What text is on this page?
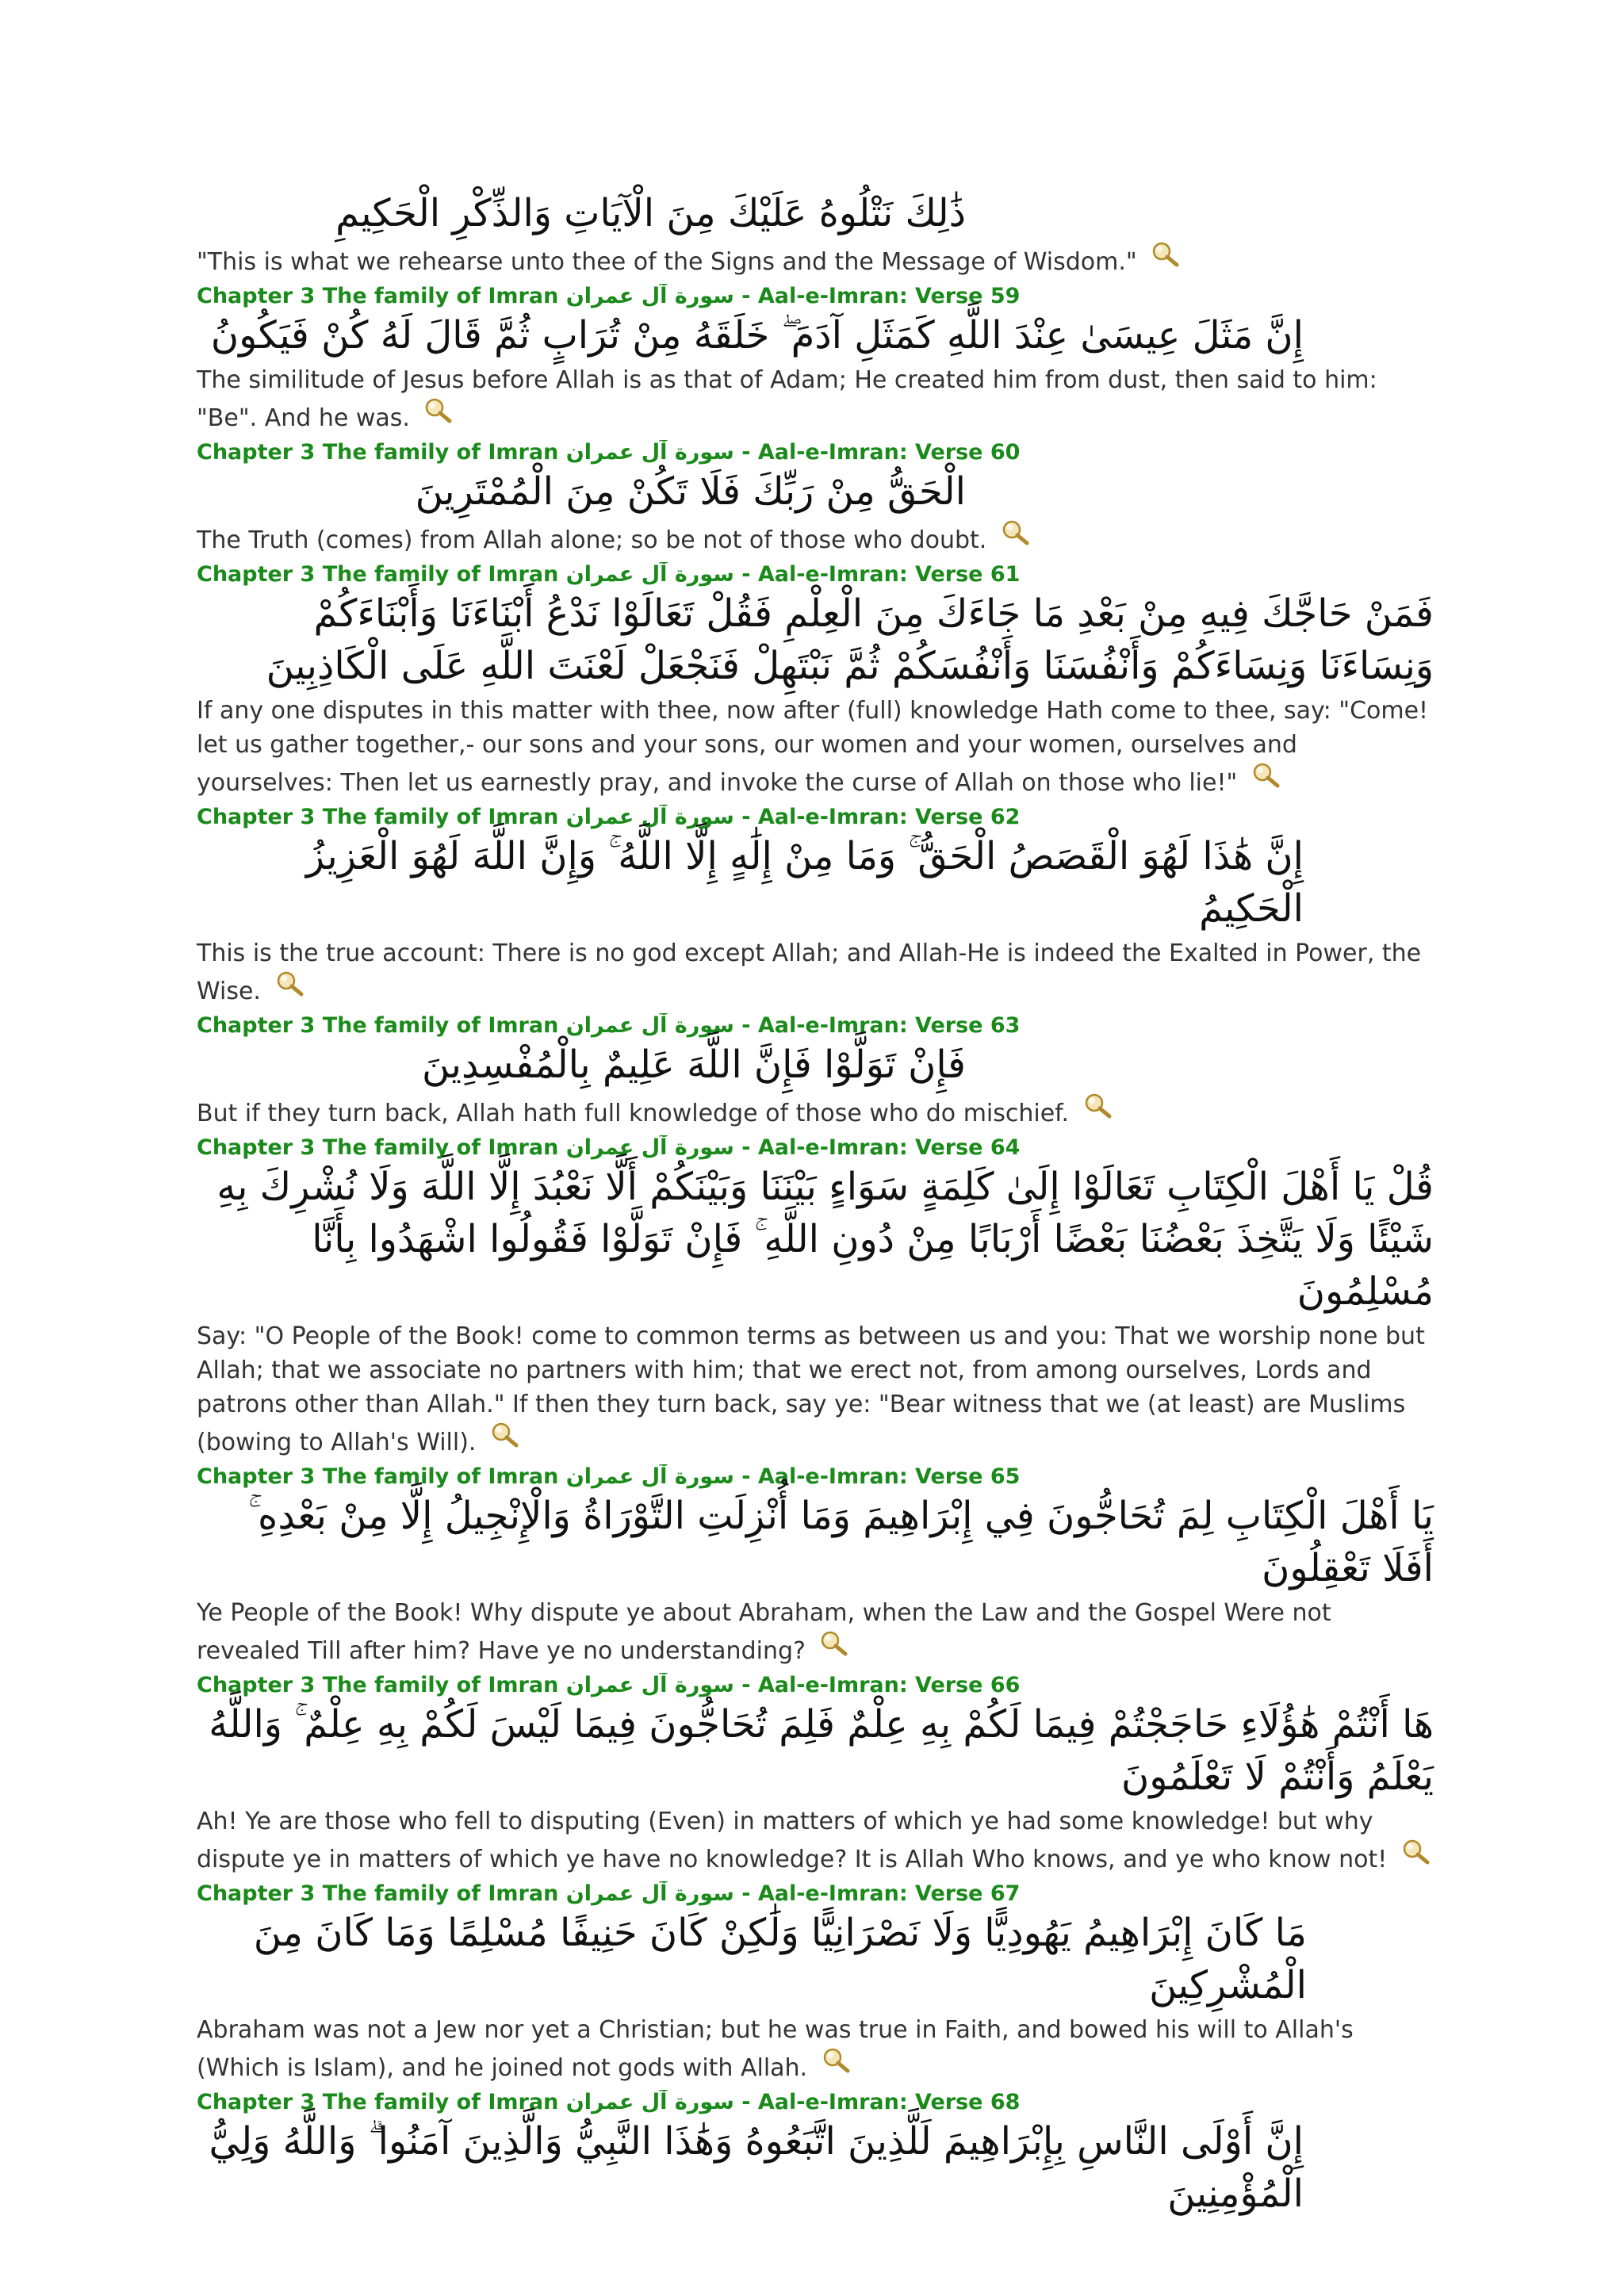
ذَٰلِكَ نَتْلُوهُ عَلَيْكَ مِنَ الْآيَاتِ وَالذِّكْرِ الْحَكِيمِ
"This is what we rehearse unto thee of the Signs and the Message of Wisdom."
Chapter 3 The family of Imran سورة آل عمران - Aal-e-Imran: Verse 59
إِنَّ مَثَلَ عِيسَىٰ عِنْدَ اللَّهِ كَمَثَلِ آدَمَ ۖ خَلَقَهُ مِنْ تُرَابٍ ثُمَّ قَالَ لَهُ كُنْ فَيَكُونُ
The similitude of Jesus before Allah is as that of Adam; He created him from dust, then said to him: "Be". And he was.
Chapter 3 The family of Imran سورة آل عمران - Aal-e-Imran: Verse 60
الْحَقُّ مِنْ رَبِّكَ فَلَا تَكُنْ مِنَ الْمُمْتَرِينَ
The Truth (comes) from Allah alone; so be not of those who doubt.
Chapter 3 The family of Imran سورة آل عمران - Aal-e-Imran: Verse 61
فَمَنْ حَاجَّكَ فِيهِ مِنْ بَعْدِ مَا جَاءَكَ مِنَ الْعِلْمِ فَقُلْ تَعَالَوْا نَدْعُ أَبْنَاءَنَا وَأَبْنَاءَكُمْ وَنِسَاءَنَا وَنِسَاءَكُمْ وَأَنْفُسَنَا وَأَنْفُسَكُمْ ثُمَّ نَبْتَهِلْ فَنَجْعَلْ لَعْنَتَ اللَّهِ عَلَى الْكَاذِبِينَ
If any one disputes in this matter with thee, now after (full) knowledge Hath come to thee, say: "Come! let us gather together,- our sons and your sons, our women and your women, ourselves and yourselves: Then let us earnestly pray, and invoke the curse of Allah on those who lie!"
Chapter 3 The family of Imran سورة آل عمران - Aal-e-Imran: Verse 62
إِنَّ هَٰذَا لَهُوَ الْقَصَصُ الْحَقُّ ۚ وَمَا مِنْ إِلَٰهٍ إِلَّا اللَّهُ ۚ وَإِنَّ اللَّهَ لَهُوَ الْعَزِيزُ الْحَكِيمُ
This is the true account: There is no god except Allah; and Allah-He is indeed the Exalted in Power, the Wise.
Chapter 3 The family of Imran سورة آل عمران - Aal-e-Imran: Verse 63
فَإِنْ تَوَلَّوْا فَإِنَّ اللَّهَ عَلِيمٌ بِالْمُفْسِدِينَ
But if they turn back, Allah hath full knowledge of those who do mischief.
Chapter 3 The family of Imran سورة آل عمران - Aal-e-Imran: Verse 64
قُلْ يَا أَهْلَ الْكِتَابِ تَعَالَوْا إِلَىٰ كَلِمَةٍ سَوَاءٍ بَيْنَنَا وَبَيْنَكُمْ أَلَّا نَعْبُدَ إِلَّا اللَّهَ وَلَا نُشْرِكَ بِهِ شَيْئًا وَلَا يَتَّخِذَ بَعْضُنَا بَعْضًا أَرْبَابًا مِنْ دُونِ اللَّهِ ۚ فَإِنْ تَوَلَّوْا فَقُولُوا اشْهَدُوا بِأَنَّا مُسْلِمُونَ
Say: "O People of the Book! come to common terms as between us and you: That we worship none but Allah; that we associate no partners with him; that we erect not, from among ourselves, Lords and patrons other than Allah." If then they turn back, say ye: "Bear witness that we (at least) are Muslims (bowing to Allah's Will).
Chapter 3 The family of Imran سورة آل عمران - Aal-e-Imran: Verse 65
يَا أَهْلَ الْكِتَابِ لِمَ تُحَاجُّونَ فِي إِبْرَاهِيمَ وَمَا أُنْزِلَتِ التَّوْرَاةُ وَالْإِنْجِيلُ إِلَّا مِنْ بَعْدِهِ ۚ أَفَلَا تَعْقِلُونَ
Ye People of the Book! Why dispute ye about Abraham, when the Law and the Gospel Were not revealed Till after him? Have ye no understanding?
Chapter 3 The family of Imran سورة آل عمران - Aal-e-Imran: Verse 66
هَا أَنْتُمْ هَٰؤُلَاءِ حَاجَجْتُمْ فِيمَا لَكُمْ بِهِ عِلْمٌ فَلِمَ تُحَاجُّونَ فِيمَا لَيْسَ لَكُمْ بِهِ عِلْمٌ ۚ وَاللَّهُ يَعْلَمُ وَأَنْتُمْ لَا تَعْلَمُونَ
Ah! Ye are those who fell to disputing (Even) in matters of which ye had some knowledge! but why dispute ye in matters of which ye have no knowledge? It is Allah Who knows, and ye who know not!
Chapter 3 The family of Imran سورة آل عمران - Aal-e-Imran: Verse 67
مَا كَانَ إِبْرَاهِيمُ يَهُودِيًّا وَلَا نَصْرَانِيًّا وَلَٰكِنْ كَانَ حَنِيفًا مُسْلِمًا وَمَا كَانَ مِنَ الْمُشْرِكِينَ
Abraham was not a Jew nor yet a Christian; but he was true in Faith, and bowed his will to Allah's (Which is Islam), and he joined not gods with Allah.
Chapter 3 The family of Imran سورة آل عمران - Aal-e-Imran: Verse 68
إِنَّ أَوْلَى النَّاسِ بِإِبْرَاهِيمَ لَلَّذِينَ اتَّبَعُوهُ وَهَٰذَا النَّبِيُّ وَالَّذِينَ آمَنُوا ۗ وَاللَّهُ وَلِيُّ الْمُؤْمِنِينَ
